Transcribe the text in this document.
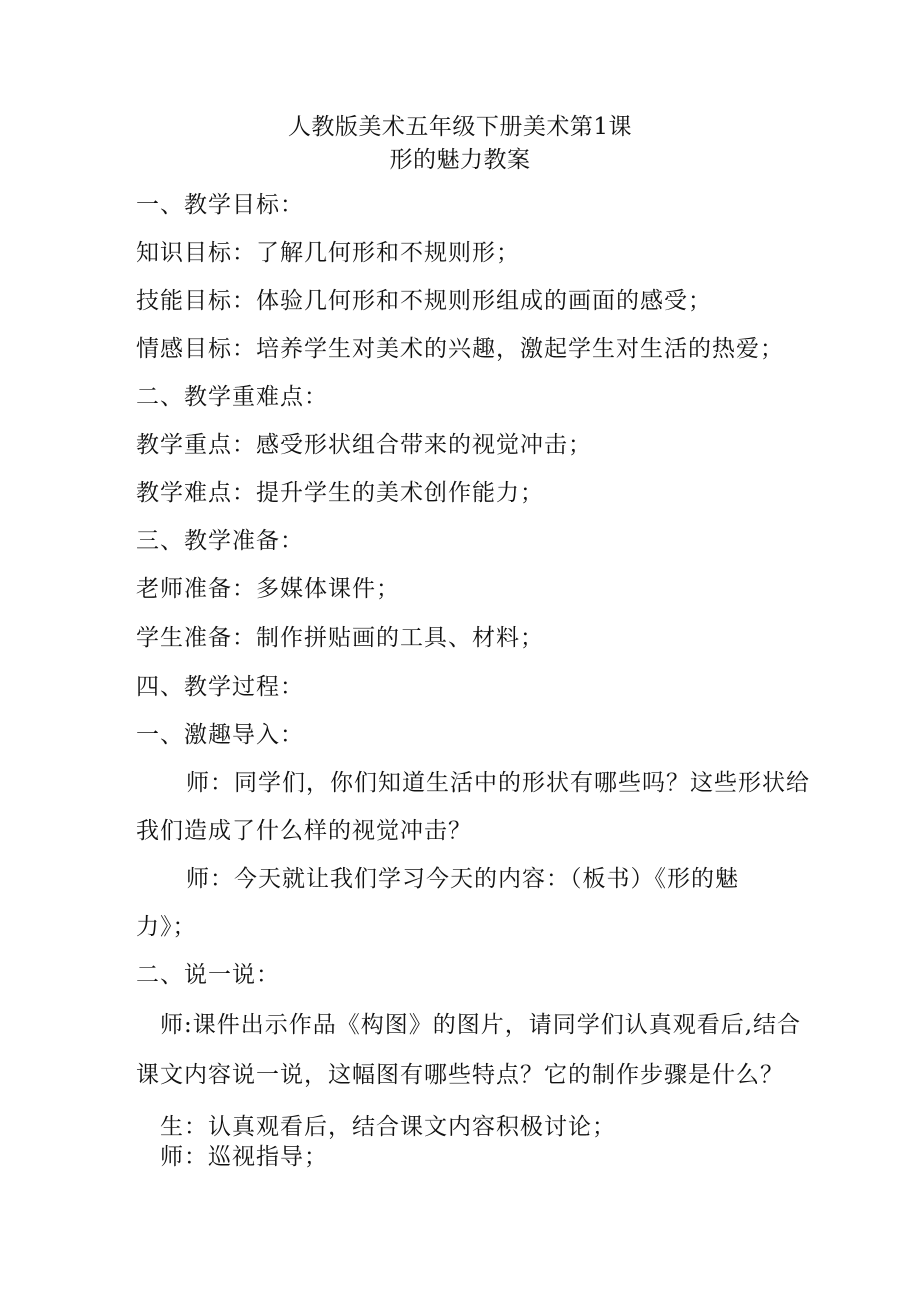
人教版美术五年级下册美术第1课
形的魅力教案
一、教学目标：
知识目标：了解几何形和不规则形；
技能目标：体验几何形和不规则形组成的画面的感受；
情感目标：培养学生对美术的兴趣，激起学生对生活的热爱；
二、教学重难点：
教学重点：感受形状组合带来的视觉冲击；
教学难点：提升学生的美术创作能力；
三、教学准备：
老师准备：多媒体课件；
学生准备：制作拼贴画的工具、材料；
四、教学过程：
一、激趣导入：
师：同学们，你们知道生活中的形状有哪些吗？这些形状给
我们造成了什么样的视觉冲击？
师：今天就让我们学习今天的内容：（板书）《形的魅
力》；
二、说一说：
师:课件出示作品《构图》的图片，请同学们认真观看后,结合
课文内容说一说，这幅图有哪些特点？它的制作步骤是什么？
生：认真观看后，结合课文内容积极讨论；
师：巡视指导；
